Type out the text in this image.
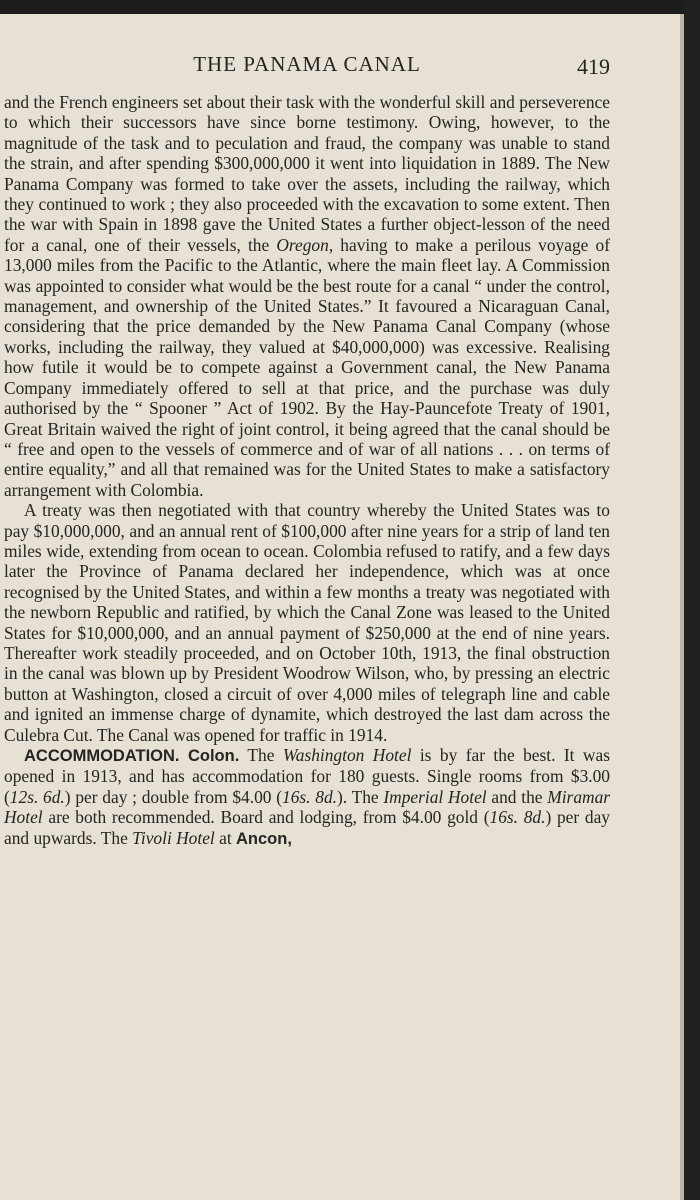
THE PANAMA CANAL	419

and the French engineers set about their task with the wonderful skill and perseverence to which their successors have since borne testimony. Owing, however, to the magnitude of the task and to peculation and fraud, the company was unable to stand the strain, and after spending $300,000,000 it went into liquidation in 1889. The New Panama Company was formed to take over the assets, including the railway, which they continued to work ; they also proceeded with the excavation to some extent. Then the war with Spain in 1898 gave the United States a further object-lesson of the need for a canal, one of their vessels, the Oregon, having to make a perilous voyage of 13,000 miles from the Pacific to the Atlantic, where the main fleet lay. A Commission was appointed to consider what would be the best route for a canal “ under the control, management, and ownership of the United States.” It favoured a Nicaraguan Canal, considering that the price demanded by the New Panama Canal Company (whose works, including the railway, they valued at $40,000,000) was excessive. Realising how futile it would be to compete against a Government canal, the New Panama Company immediately offered to sell at that price, and the purchase was duly authorised by the “ Spooner ” Act of 1902. By the Hay-Pauncefote Treaty of 1901, Great Britain waived the right of joint control, it being agreed that the canal should be “ free and open to the vessels of commerce and of war of all nations . . . on terms of entire equality,” and all that remained was for the United States to make a satisfactory arrangement with Colombia.

A treaty was then negotiated with that country whereby the United States was to pay $10,000,000, and an annual rent of $100,000 after nine years for a strip of land ten miles wide, extending from ocean to ocean. Colombia refused to ratify, and a few days later the Province of Panama declared her independence, which was at once recognised by the United States, and within a few months a treaty was negotiated with the newborn Republic and ratified, by which the Canal Zone was leased to the United States for $10,000,000, and an annual payment of $250,000 at the end of nine years. Thereafter work steadily proceeded, and on October 10th, 1913, the final obstruction in the canal was blown up by President Woodrow Wilson, who, by pressing an electric button at Washington, closed a circuit of over 4,000 miles of telegraph line and cable and ignited an immense charge of dynamite, which destroyed the last dam across the Culebra Cut. The Canal was opened for traffic in 1914.

ACCOMMODATION. Colon. The Washington Hotel is by far the best. It was opened in 1913, and has accommodation for 180 guests. Single rooms from $3.00 (12s. 6d.) per day ; double from $4.00 (16s. 8d.). The Imperial Hotel and the Miramar Hotel are both recommended. Board and lodging, from $4.00 gold (16s. 8d.) per day and upwards. The Tivoli Hotel at Ancon,
